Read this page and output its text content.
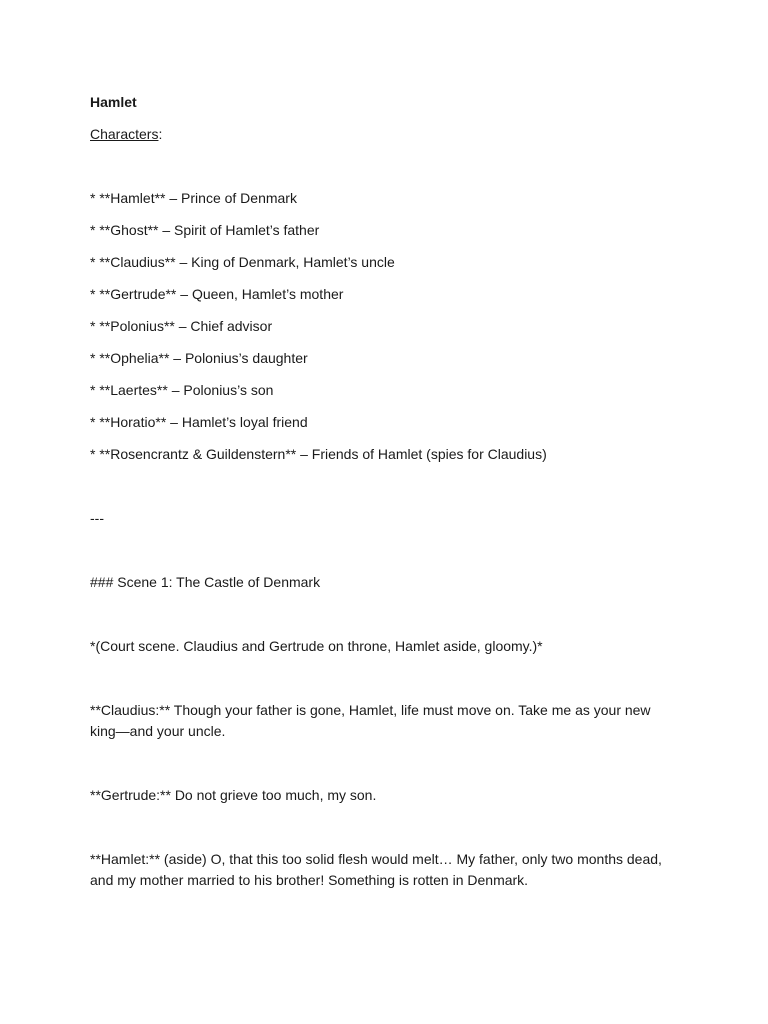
Hamlet
Characters:
* **Hamlet** – Prince of Denmark
* **Ghost** – Spirit of Hamlet’s father
* **Claudius** – King of Denmark, Hamlet’s uncle
* **Gertrude** – Queen, Hamlet’s mother
* **Polonius** – Chief advisor
* **Ophelia** – Polonius’s daughter
* **Laertes** – Polonius’s son
* **Horatio** – Hamlet’s loyal friend
* **Rosencrantz & Guildenstern** – Friends of Hamlet (spies for Claudius)
---
### Scene 1: The Castle of Denmark
*(Court scene. Claudius and Gertrude on throne, Hamlet aside, gloomy.)*
**Claudius:** Though your father is gone, Hamlet, life must move on. Take me as your new king—and your uncle.
**Gertrude:** Do not grieve too much, my son.
**Hamlet:** (aside) O, that this too solid flesh would melt… My father, only two months dead, and my mother married to his brother! Something is rotten in Denmark.
